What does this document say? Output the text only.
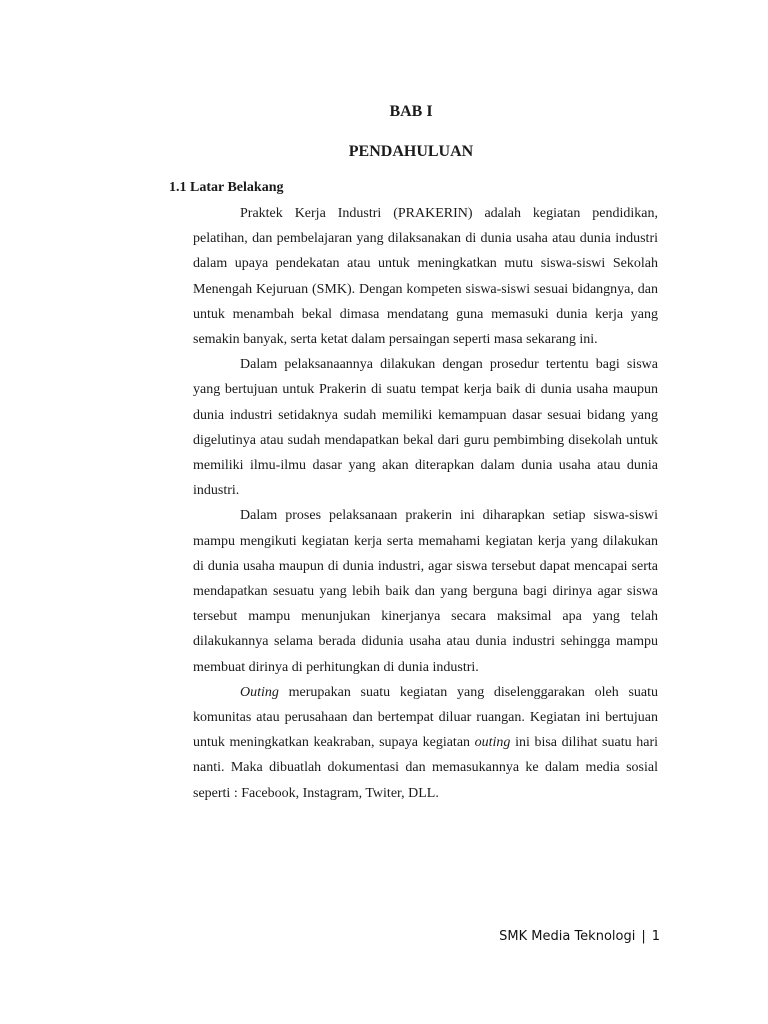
BAB I
PENDAHULUAN
1.1 Latar Belakang

Praktek Kerja Industri (PRAKERIN) adalah kegiatan pendidikan, pelatihan, dan pembelajaran yang dilaksanakan di dunia usaha atau dunia industri dalam upaya pendekatan atau untuk meningkatkan mutu siswa-siswi Sekolah Menengah Kejuruan (SMK). Dengan kompeten siswa-siswi sesuai bidangnya, dan untuk menambah bekal dimasa mendatang guna memasuki dunia kerja yang semakin banyak, serta ketat dalam persaingan seperti masa sekarang ini.

Dalam pelaksanaannya dilakukan dengan prosedur tertentu bagi siswa yang bertujuan untuk Prakerin di suatu tempat kerja baik di dunia usaha maupun dunia industri setidaknya sudah memiliki kemampuan dasar sesuai bidang yang digelutinya atau sudah mendapatkan bekal dari guru pembimbing disekolah untuk memiliki ilmu-ilmu dasar yang akan diterapkan dalam dunia usaha atau dunia industri.

Dalam proses pelaksanaan prakerin ini diharapkan setiap siswa-siswi mampu mengikuti kegiatan kerja serta memahami kegiatan kerja yang dilakukan di dunia usaha maupun di dunia industri, agar siswa tersebut dapat mencapai serta mendapatkan sesuatu yang lebih baik dan yang berguna bagi dirinya agar siswa tersebut mampu menunjukan kinerjanya secara maksimal apa yang telah dilakukannya selama berada didunia usaha atau dunia industri sehingga mampu membuat dirinya di perhitungkan di dunia industri.

Outing merupakan suatu kegiatan yang diselenggarakan oleh suatu komunitas atau perusahaan dan bertempat diluar ruangan. Kegiatan ini bertujuan untuk meningkatkan keakraban, supaya kegiatan outing ini bisa dilihat suatu hari nanti. Maka dibuatlah dokumentasi dan memasukannya ke dalam media sosial seperti : Facebook, Instagram, Twiter, DLL.

SMK Media Teknologi | 1
